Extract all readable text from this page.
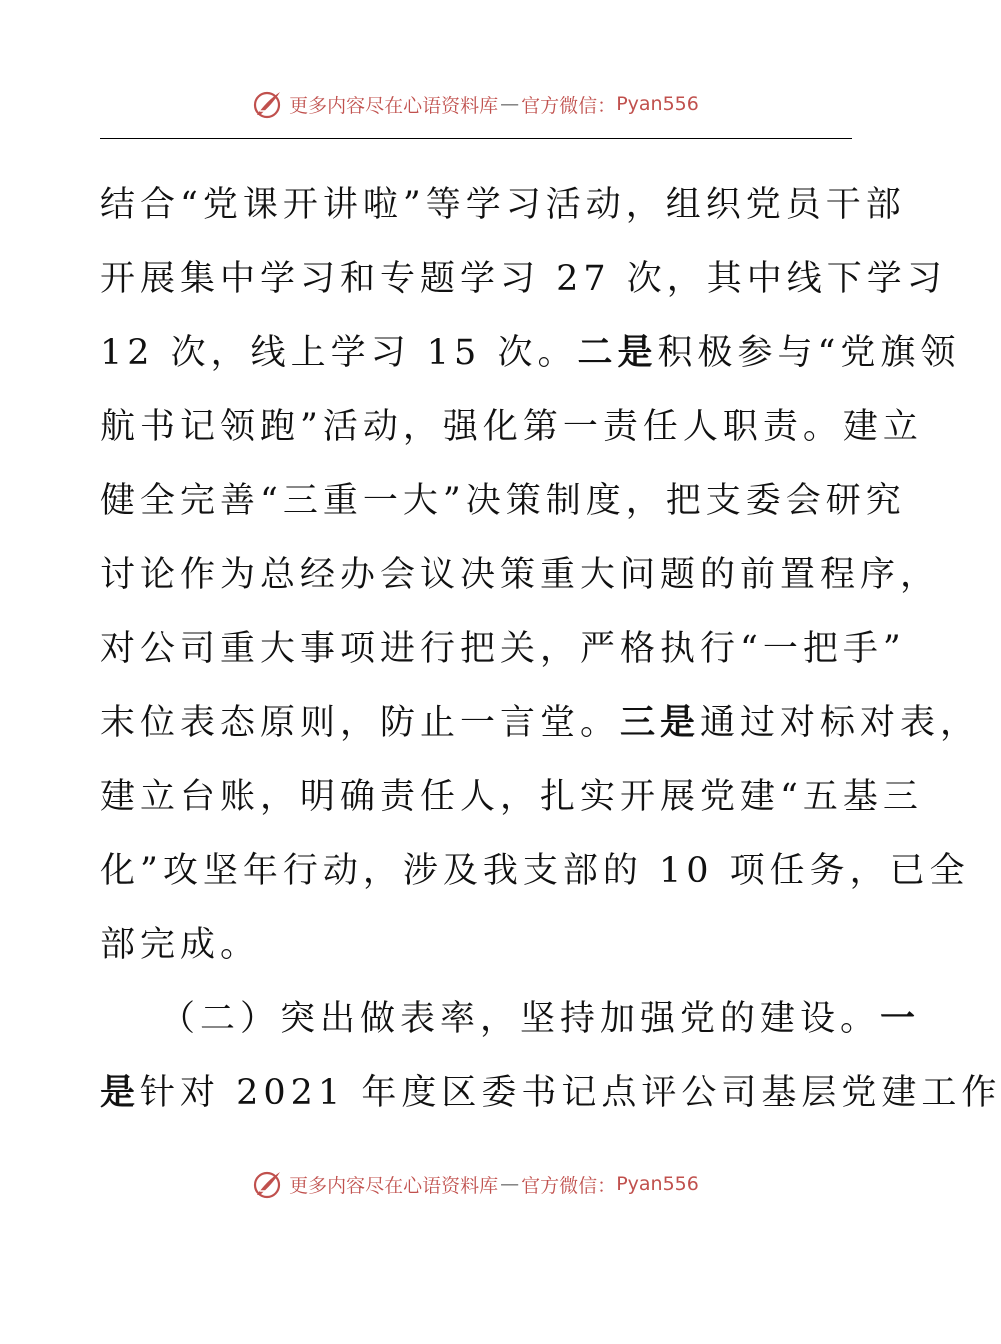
更多内容尽在心语资料库 — 官方微信： Pyan556
结合“党课开讲啦”等学习活动，组织党员干部
开展集中学习和专题学习 27 次，其中线下学习
12 次，线上学习 15 次。二是积极参与“党旗领
航书记领跑”活动，强化第一责任人职责。建立
健全完善“三重一大”决策制度，把支委会研究
讨论作为总经办会议决策重大问题的前置程序，
对公司重大事项进行把关，严格执行“一把手”
末位表态原则，防止一言堂。三是通过对标对表，
建立台账，明确责任人，扎实开展党建“五基三
化”攻坚年行动，涉及我支部的 10 项任务，已全
部完成。
（二）突出做表率，坚持加强党的建设。一
是针对 2021 年度区委书记点评公司基层党建工作
更多内容尽在心语资料库 — 官方微信： Pyan556
